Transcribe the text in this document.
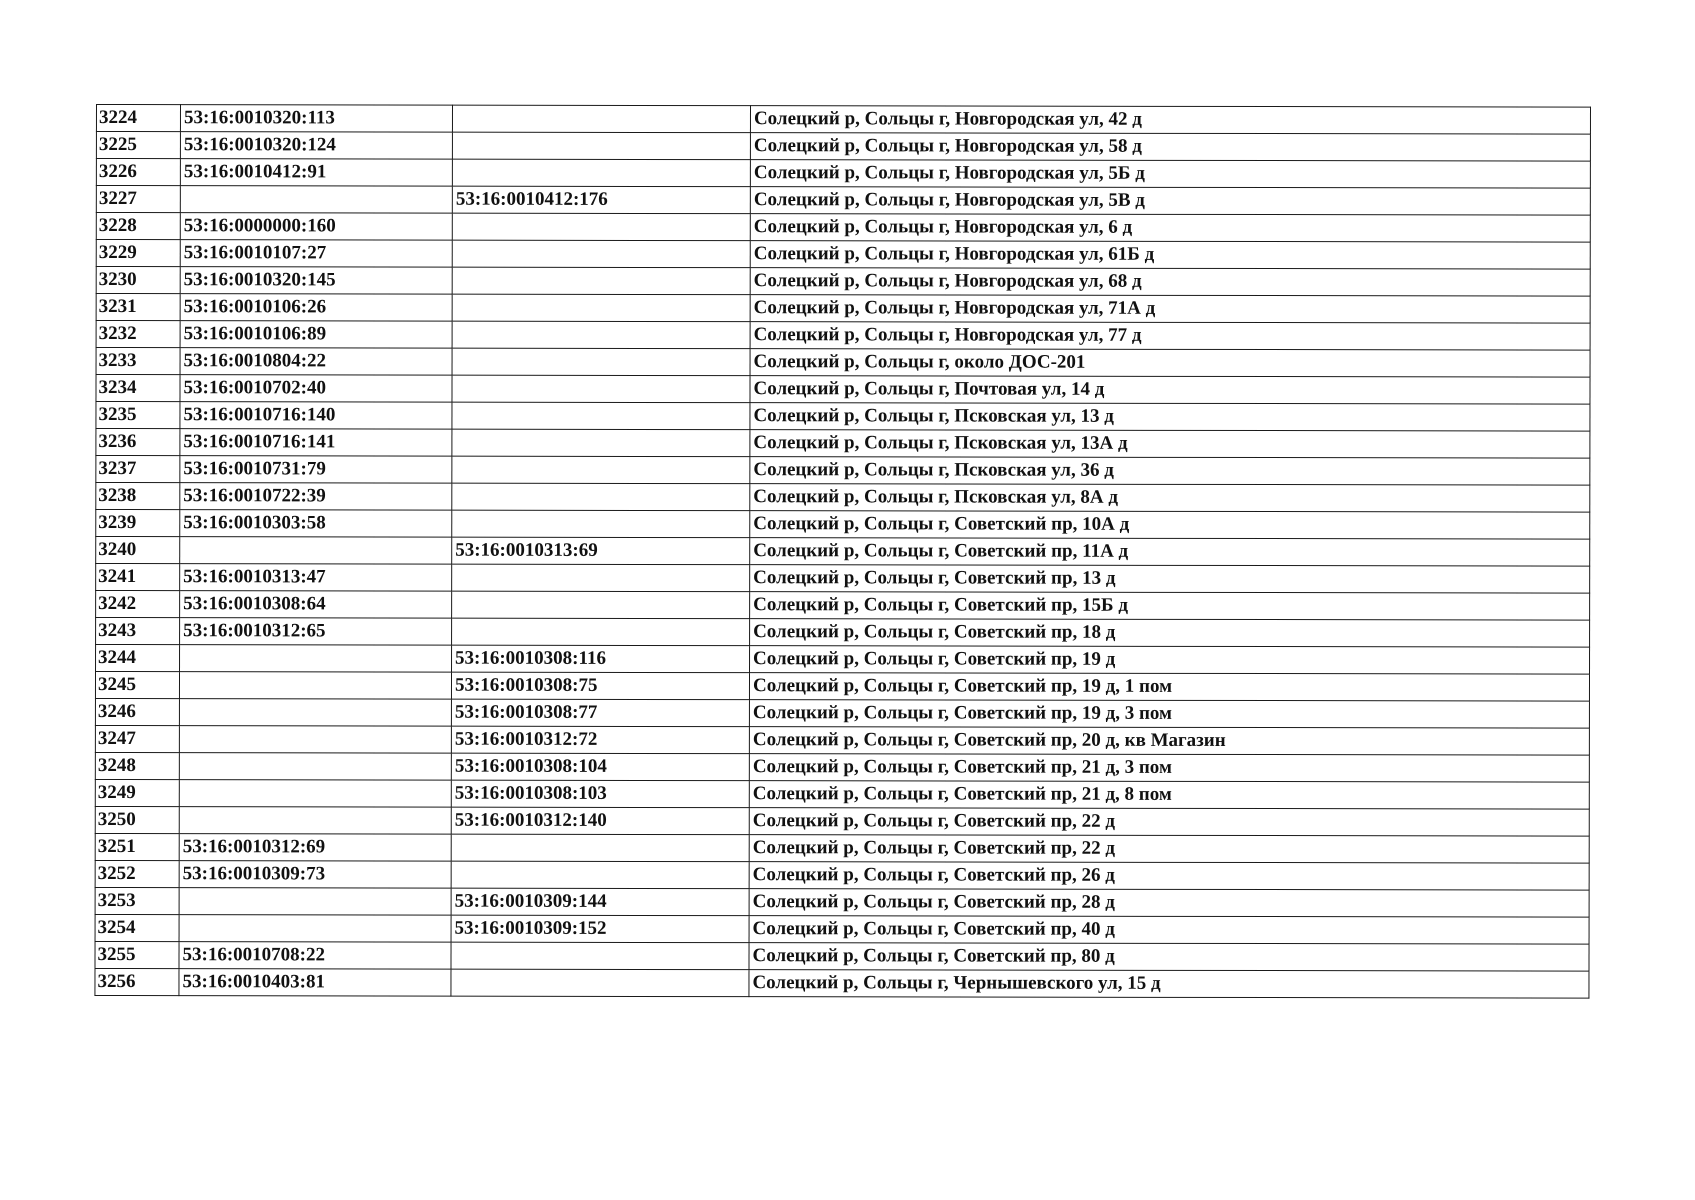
3224	53:16:0010320:113		Солецкий р, Сольцы г, Новгородская ул, 42 д
3225	53:16:0010320:124		Солецкий р, Сольцы г, Новгородская ул, 58 д
3226	53:16:0010412:91		Солецкий р, Сольцы г, Новгородская ул, 5Б д
3227		53:16:0010412:176	Солецкий р, Сольцы г, Новгородская ул, 5В д
3228	53:16:0000000:160		Солецкий р, Сольцы г, Новгородская ул, 6 д
3229	53:16:0010107:27		Солецкий р, Сольцы г, Новгородская ул, 61Б д
3230	53:16:0010320:145		Солецкий р, Сольцы г, Новгородская ул, 68 д
3231	53:16:0010106:26		Солецкий р, Сольцы г, Новгородская ул, 71А д
3232	53:16:0010106:89		Солецкий р, Сольцы г, Новгородская ул, 77 д
3233	53:16:0010804:22		Солецкий р, Сольцы г, около ДОС-201
3234	53:16:0010702:40		Солецкий р, Сольцы г, Почтовая ул, 14 д
3235	53:16:0010716:140		Солецкий р, Сольцы г, Псковская ул, 13 д
3236	53:16:0010716:141		Солецкий р, Сольцы г, Псковская ул, 13А д
3237	53:16:0010731:79		Солецкий р, Сольцы г, Псковская ул, 36 д
3238	53:16:0010722:39		Солецкий р, Сольцы г, Псковская ул, 8А д
3239	53:16:0010303:58		Солецкий р, Сольцы г, Советский пр, 10А д
3240		53:16:0010313:69	Солецкий р, Сольцы г, Советский пр, 11А д
3241	53:16:0010313:47		Солецкий р, Сольцы г, Советский пр, 13 д
3242	53:16:0010308:64		Солецкий р, Сольцы г, Советский пр, 15Б д
3243	53:16:0010312:65		Солецкий р, Сольцы г, Советский пр, 18 д
3244		53:16:0010308:116	Солецкий р, Сольцы г, Советский пр, 19 д
3245		53:16:0010308:75	Солецкий р, Сольцы г, Советский пр, 19 д, 1 пом
3246		53:16:0010308:77	Солецкий р, Сольцы г, Советский пр, 19 д, 3 пом
3247		53:16:0010312:72	Солецкий р, Сольцы г, Советский пр, 20 д, кв Магазин
3248		53:16:0010308:104	Солецкий р, Сольцы г, Советский пр, 21 д, 3 пом
3249		53:16:0010308:103	Солецкий р, Сольцы г, Советский пр, 21 д, 8 пом
3250		53:16:0010312:140	Солецкий р, Сольцы г, Советский пр, 22 д
3251	53:16:0010312:69		Солецкий р, Сольцы г, Советский пр, 22 д
3252	53:16:0010309:73		Солецкий р, Сольцы г, Советский пр, 26 д
3253		53:16:0010309:144	Солецкий р, Сольцы г, Советский пр, 28 д
3254		53:16:0010309:152	Солецкий р, Сольцы г, Советский пр, 40 д
3255	53:16:0010708:22		Солецкий р, Сольцы г, Советский пр, 80 д
3256	53:16:0010403:81		Солецкий р, Сольцы г, Чернышевского ул, 15 д
